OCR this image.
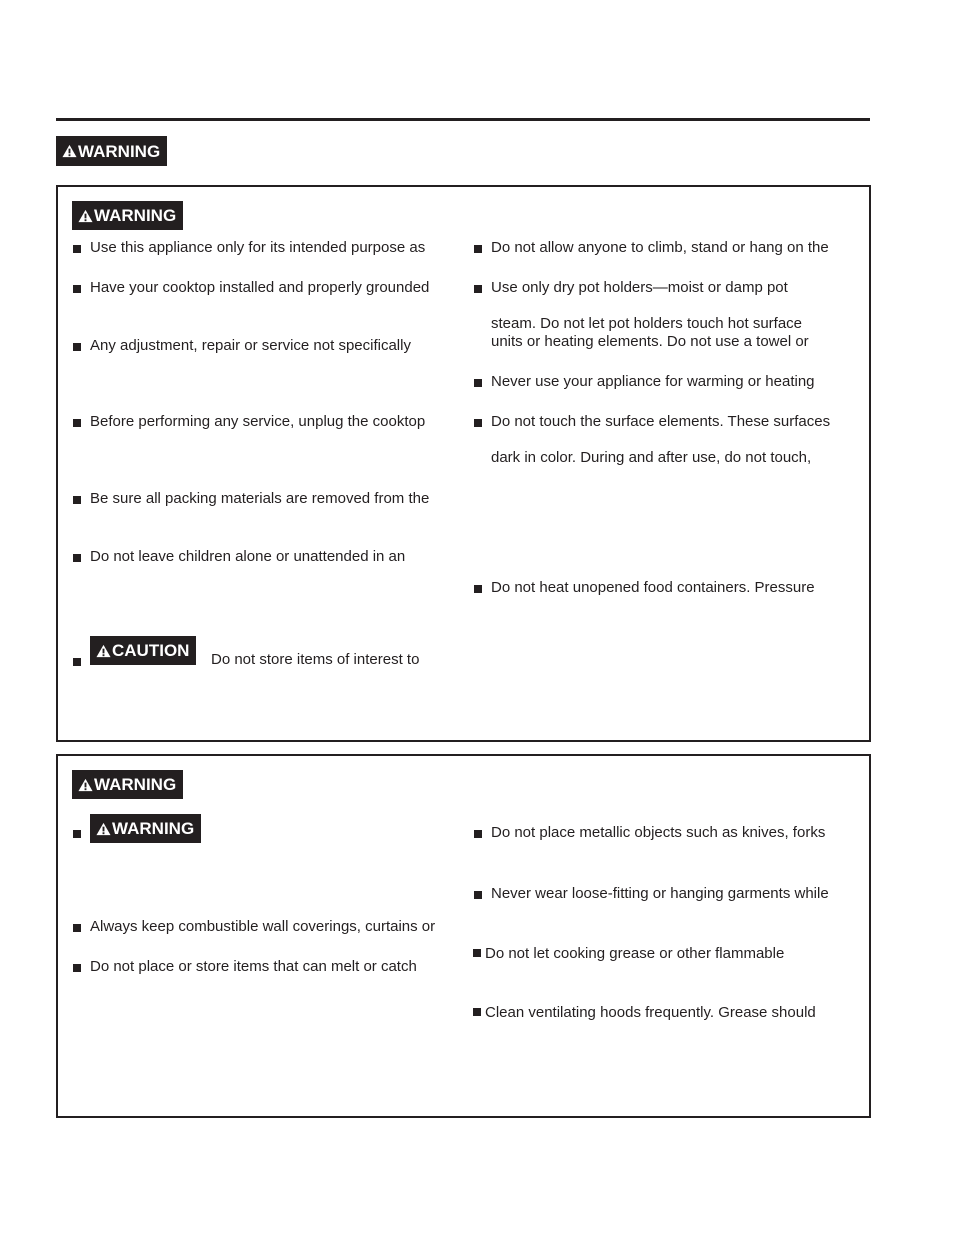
WARNING
WARNING
Use this appliance only for its intended purpose as
Have your cooktop installed and properly grounded
Any adjustment, repair or service not specifically
Before performing any service, unplug the cooktop
Be sure all packing materials are removed from the
Do not leave children alone or unattended in an
CAUTION Do not store items of interest to
Do not allow anyone to climb, stand or hang on the
Use only dry pot holders—moist or damp pot
steam. Do not let pot holders touch hot surface
units or heating elements. Do not use a towel or
Never use your appliance for warming or heating
Do not touch the surface elements. These surfaces
dark in color. During and after use, do not touch,
Do not heat unopened food containers. Pressure
WARNING
WARNING
Always keep combustible wall coverings, curtains or
Do not place or store items that can melt or catch
Do not place metallic objects such as knives, forks
Never wear loose-fitting or hanging garments while
Do not let cooking grease or other flammable
Clean ventilating hoods frequently. Grease should
